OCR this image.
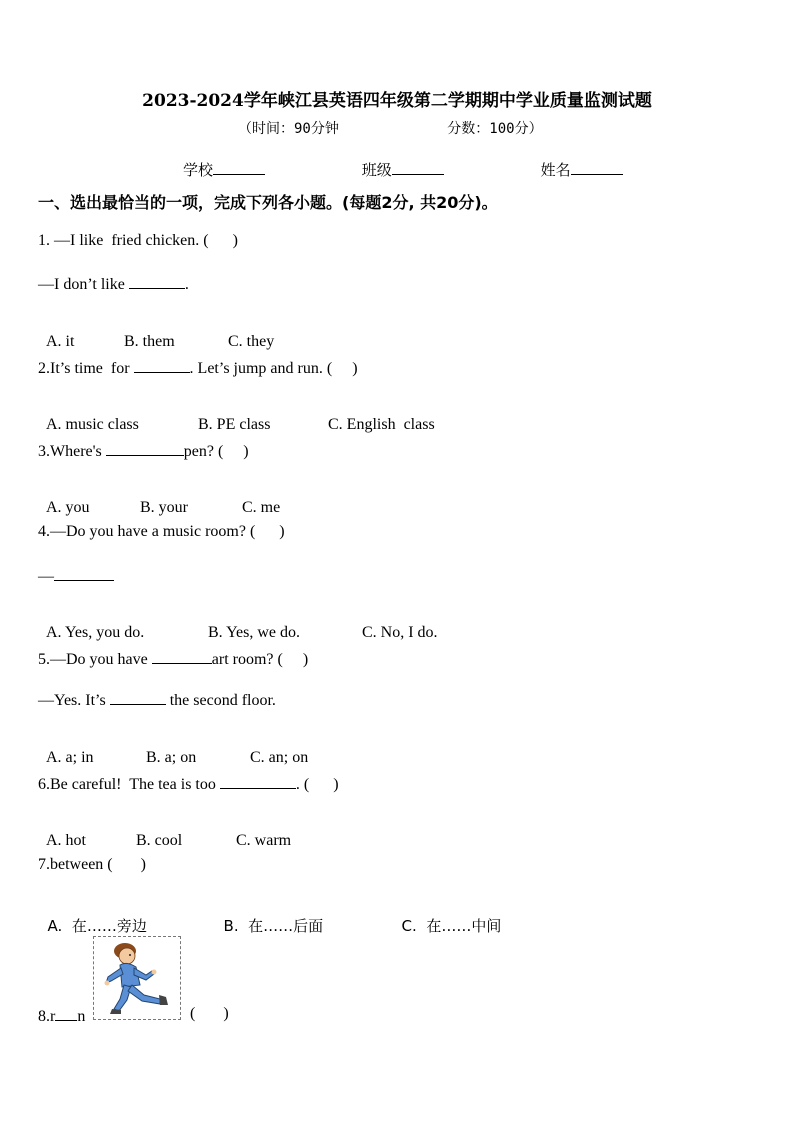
2023-2024学年峡江县英语四年级第二学期期中学业质量监测试题
（时间：90分钟	分数：100分）
学校	班级	姓名
一、选出最恰当的一项，完成下列各小题。(每题2分, 共20分)。
1. —I like  fried chicken. (      )
—I don’t like	.

A. it	B. them	C. they

2.It’s time  for	. Let’s jump and run. (     )

A. music class	B. PE class	C. English  class

3.Where's	pen? (     )

A. you	B. your	C. me

4.—Do you have a music room? (      )
—

A. Yes, you do.	B. Yes, we do.	C. No, I do.

5.—Do you have	art room? (     )
—Yes. It’s	the second floor.

A. a; in	B. a; on	C. an; on

6.Be careful!  The tea is too	. (      )

A. hot	B. cool	C. warm

7.between (       )

A.  在……旁边	B.  在……后面	C.  在……中间

8.r n	(       )
